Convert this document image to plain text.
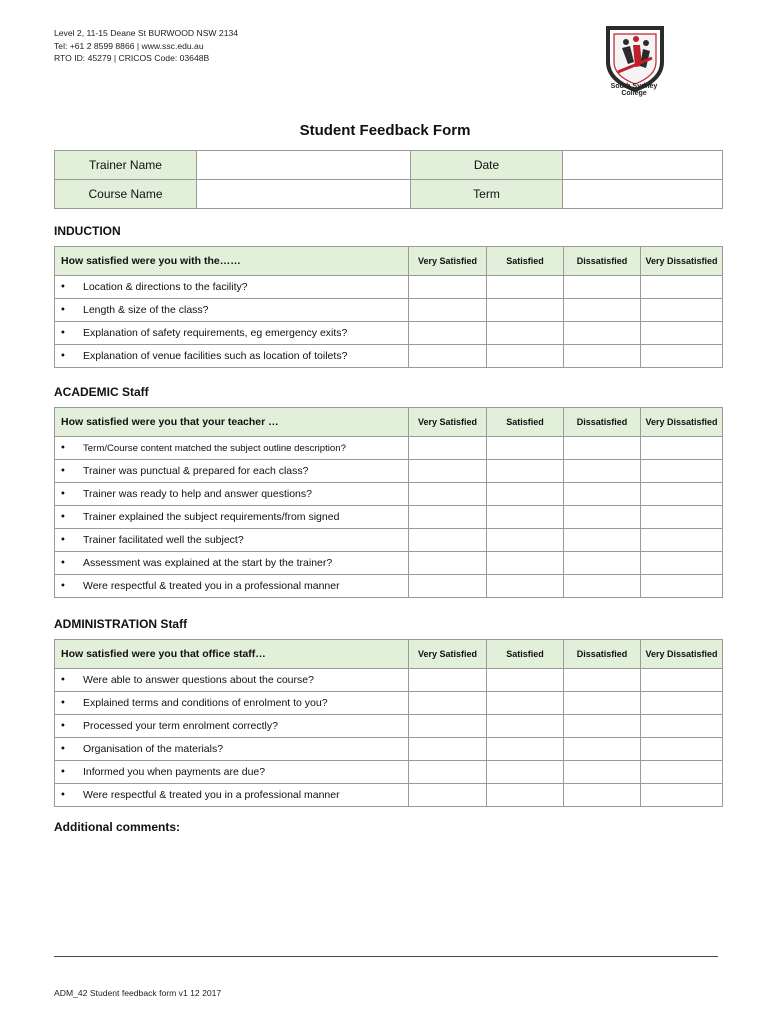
Level 2, 11-15 Deane St BURWOOD NSW 2134
Tel: +61 2 8599 8866 | www.ssc.edu.au
RTO ID: 45279 | CRICOS Code: 03648B
South Sydney College
Student Feedback Form
Trainer Name		Date	
Course Name		Term	
INDUCTION
How satisfied were you with the……	Very Satisfied	Satisfied	Dissatisfied	Very Dissatisfied
• Location & directions to the facility?				
• Length & size of the class?				
• Explanation of safety requirements, eg emergency exits?				
• Explanation of venue facilities such as location of toilets?				
ACADEMIC Staff
How satisfied were you that your teacher …	Very Satisfied	Satisfied	Dissatisfied	Very Dissatisfied
• Term/Course content matched the subject outline description?				
• Trainer was punctual & prepared for each class?				
• Trainer was ready to help and answer questions?				
• Trainer explained the subject requirements/from signed				
• Trainer facilitated well the subject?				
• Assessment was explained at the start by the trainer?				
• Were respectful & treated you in a professional manner				
ADMINISTRATION Staff
How satisfied were you that office staff…	Very Satisfied	Satisfied	Dissatisfied	Very Dissatisfied
• Were able to answer questions about the course?				
• Explained terms and conditions of enrolment to you?				
• Processed your term enrolment correctly?				
• Organisation of the materials?				
• Informed you when payments are due?				
• Were respectful & treated you in a professional manner				
Additional comments:
ADM_42 Student feedback form v1 12 2017
